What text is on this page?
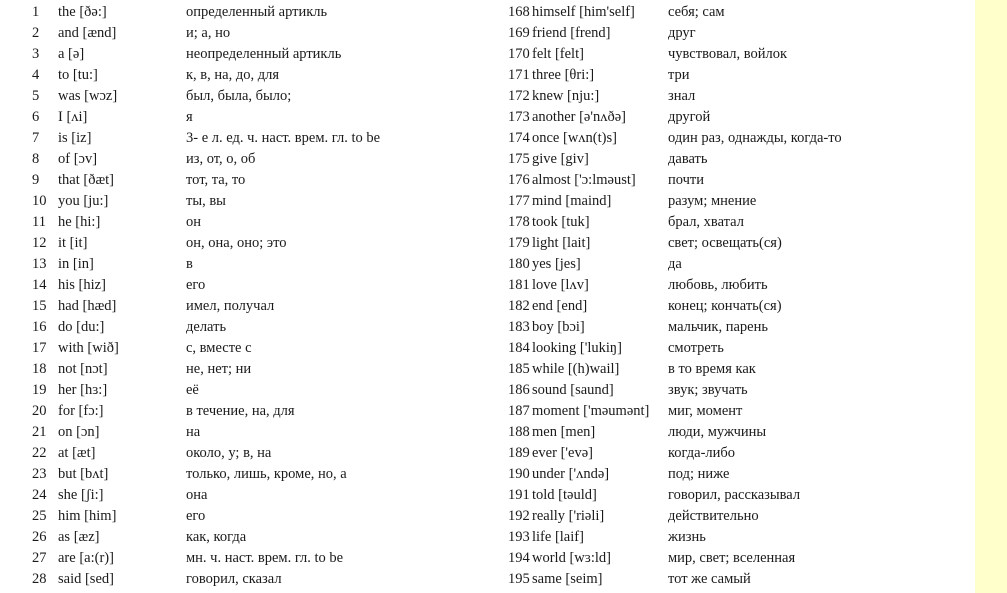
1 the [ðə:]	определенный артикль
2 and [ænd]	и; а, но
3 a [ə]	неопределенный артикль
4 to [tu:]	к, в, на, до, для
5 was [wɔz]	был, была, было;
6 I [ʌi]	я
7 is [iz]	3- е л. ед. ч. наст. врем. гл. to be
8 of [ɔv]	из, от, о, об
9 that [ðæt]	тот, та, то
10 you [ju:]	ты, вы
11 he [hi:]	он
12 it [it]	он, она, оно; это
13 in [in]	в
14 his [hiz]	его
15 had [hæd]	имел, получал
16 do [du:]	делать
17 with [wið]	с, вместе с
18 not [nɔt]	не, нет; ни
19 her [hɜ:]	её
20 for [fɔ:]	в течение, на, для
21 on [ɔn]	на
22 at [æt]	около, у; в, на
23 but [bʌt]	только, лишь, кроме, но, а
24 she [ʃi:]	она
25 him [him]	его
26 as [æz]	как, когда
27 are [a:(r)]	мн. ч. наст. врем. гл. to be
28 said [sed]	говорил, сказал
168 himself [him'self] себя; сам
169 friend [frend]	друг
170 felt [felt]	чувствовал, войлок
171 three [θri:]	три
172 knew [nju:]	знал
173 another [ə'nʌðə]	другой
174 once [wʌn(t)s]	один раз, однажды, когда-то
175 give [giv]	давать
176 almost ['ɔ:lməust] почти
177 mind [maind]	разум; мнение
178 took [tuk]	брал, хватал
179 light [lait]	свет; освещать(ся)
180 yes [jes]	да
181 love [lʌv]	любовь, любить
182 end [end]	конец; кончать(ся)
183 boy [bɔi]	мальчик, парень
184 looking ['lukiŋ]	смотреть
185 while [(h)wail]	в то время как
186 sound [saund]	звук; звучать
187 moment ['məumənt] миг, момент
188 men [men]	люди, мужчины
189 ever ['evə]	когда-либо
190 under ['ʌndə]	под; ниже
191 told [təuld]	говорил, рассказывал
192 really ['riəli]	действительно
193 life [laif]	жизнь
194 world [wɜ:ld]	мир, свет; вселенная
195 same [seim]	тот же самый
